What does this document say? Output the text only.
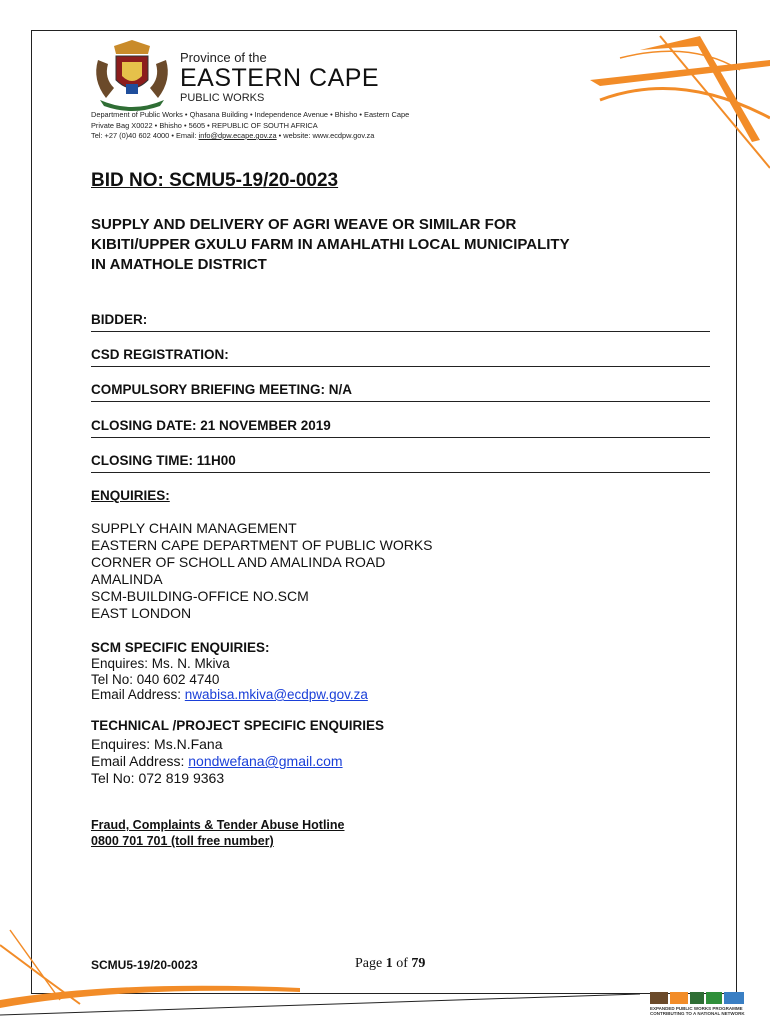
Province of the
EASTERN CAPE
PUBLIC WORKS
Department of Public Works • Qhasana Building • Independence Avenue • Bhisho • Eastern Cape
Private Bag X0022 • Bhisho • 5605 • REPUBLIC OF SOUTH AFRICA
Tel: +27 (0)40 602 4000 • Email: info@dpw.ecape.gov.za • website: www.ecdpw.gov.za
BID NO: SCMU5-19/20-0023
SUPPLY AND DELIVERY OF AGRI WEAVE OR SIMILAR FOR
KIBITI/UPPER GXULU FARM IN AMAHLATHI LOCAL MUNICIPALITY
IN AMATHOLE DISTRICT
BIDDER:
CSD REGISTRATION:
COMPULSORY BRIEFING MEETING: N/A
CLOSING DATE: 21 NOVEMBER 2019
CLOSING TIME: 11H00
ENQUIRIES:
SUPPLY CHAIN MANAGEMENT
EASTERN CAPE DEPARTMENT OF PUBLIC WORKS
CORNER OF SCHOLL AND AMALINDA ROAD
AMALINDA
SCM-BUILDING-OFFICE NO.SCM
EAST LONDON
SCM SPECIFIC ENQUIRIES:
Enquires: Ms. N. Mkiva
Tel No: 040 602 4740
Email Address: nwabisa.mkiva@ecdpw.gov.za
TECHNICAL /PROJECT SPECIFIC ENQUIRIES
Enquires: Ms.N.Fana
Email Address: nondwefana@gmail.com
Tel No: 072 819 9363
Fraud, Complaints & Tender Abuse Hotline
0800 701 701 (toll free number)
SCMU5-19/20-0023	Page 1 of 79
EXPANDED PUBLIC WORKS PROGRAMME
CONTRIBUTING TO A NATIONAL NETWORK
